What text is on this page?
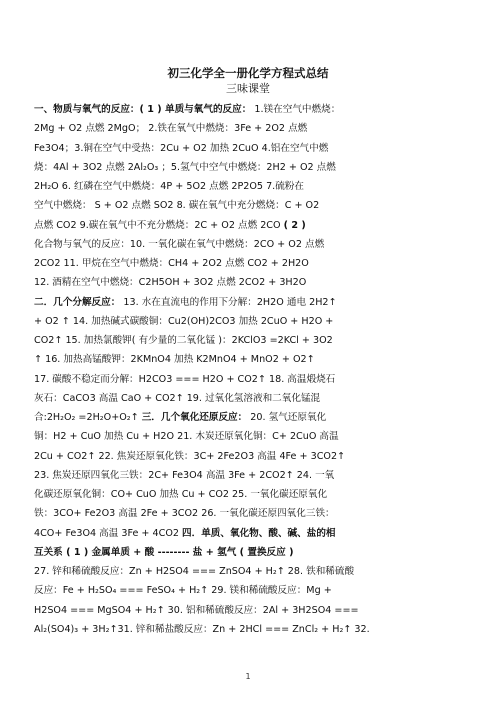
初三化学全一册化学方程式总结
三味课堂
一、物质与氧气的反应：( 1 ) 单质与氧气的反应： 1.镁在空气中燃烧：
2Mg + O2 点燃 2MgO； 2.铁在氧气中燃烧：3Fe + 2O2 点燃
Fe3O4；3.铜在空气中受热：2Cu + O2 加热 2CuO 4.铝在空气中燃
烧：4Al + 3O2 点燃 2Al₂O₃ ；5.氢气中空气中燃烧：2H2 + O2 点燃
2H₂O 6. 红磷在空气中燃烧：4P + 5O2 点燃 2P2O5 7.硫粉在
空气中燃烧： S + O2 点燃 SO2 8. 碳在氧气中充分燃烧：C + O2
点燃 CO2 9.碳在氧气中不充分燃烧：2C + O2 点燃 2CO ( 2 )
化合物与氧气的反应：10. 一氧化碳在氧气中燃烧：2CO + O2 点燃
2CO2 11. 甲烷在空气中燃烧：CH4 + 2O2 点燃 CO2 + 2H2O
12. 酒精在空气中燃烧：C2H5OH + 3O2 点燃 2CO2 + 3H2O
二．几个分解反应： 13. 水在直流电的作用下分解：2H2O 通电 2H2↑
+ O2 ↑ 14. 加热碱式碳酸铜：Cu2(OH)2CO3 加热 2CuO + H2O +
CO2↑ 15. 加热氯酸钾( 有少量的二氧化锰 )：2KClO3 =2KCl + 3O2
↑ 16. 加热高锰酸钾：2KMnO4 加热 K2MnO4 + MnO2 + O2↑
17. 碳酸不稳定而分解：H2CO3 === H2O + CO2↑ 18. 高温煅烧石
灰石：CaCO3 高温 CaO + CO2↑ 19. 过氧化氢溶液和二氧化锰混
合:2H₂O₂ =2H₂O+O₂↑ 三．几个氧化还原反应： 20. 氢气还原氧化
铜：H2 + CuO 加热 Cu + H2O 21. 木炭还原氧化铜：C+ 2CuO 高温
2Cu + CO2↑ 22. 焦炭还原氧化铁：3C+ 2Fe2O3 高温 4Fe + 3CO2↑
23. 焦炭还原四氧化三铁：2C+ Fe3O4 高温 3Fe + 2CO2↑ 24. 一氧
化碳还原氧化铜：CO+ CuO 加热 Cu + CO2 25. 一氧化碳还原氧化
铁：3CO+ Fe2O3 高温 2Fe + 3CO2 26. 一氧化碳还原四氧化三铁：
4CO+ Fe3O4 高温 3Fe + 4CO2 四．单质、氧化物、酸、碱、盐的相
互关系 ( 1 ) 金属单质 + 酸 -------- 盐 + 氢气 ( 置换反应 )
27. 锌和稀硫酸反应：Zn + H2SO4 === ZnSO4 + H₂↑ 28. 铁和稀硫酸
反应：Fe + H₂SO₄ === FeSO₄ + H₂↑ 29. 镁和稀硫酸反应：Mg +
H2SO4 === MgSO4 + H₂↑ 30. 铝和稀硫酸反应：2Al + 3H2SO4 ===
Al₂(SO4)₃ + 3H₂↑31. 锌和稀盐酸反应：Zn + 2HCl === ZnCl₂ + H₂↑ 32.
1
